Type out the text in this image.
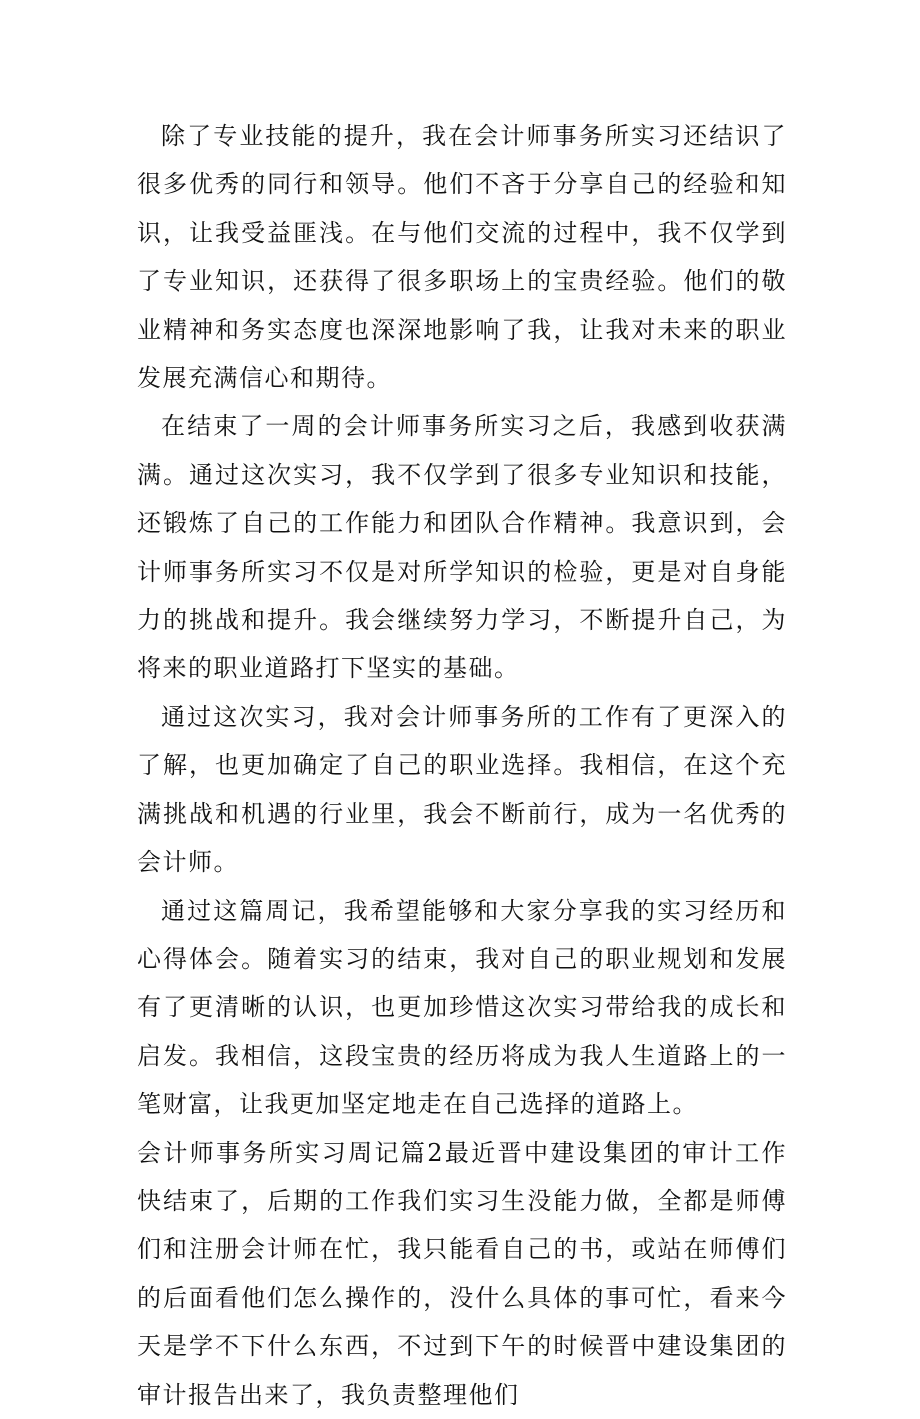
除了专业技能的提升，我在会计师事务所实习还结识了很多优秀的同行和领导。他们不吝于分享自己的经验和知识，让我受益匪浅。在与他们交流的过程中，我不仅学到了专业知识，还获得了很多职场上的宝贵经验。他们的敬业精神和务实态度也深深地影响了我，让我对未来的职业发展充满信心和期待。

在结束了一周的会计师事务所实习之后，我感到收获满满。通过这次实习，我不仅学到了很多专业知识和技能，还锻炼了自己的工作能力和团队合作精神。我意识到，会计师事务所实习不仅是对所学知识的检验，更是对自身能力的挑战和提升。我会继续努力学习，不断提升自己，为将来的职业道路打下坚实的基础。

通过这次实习，我对会计师事务所的工作有了更深入的了解，也更加确定了自己的职业选择。我相信，在这个充满挑战和机遇的行业里，我会不断前行，成为一名优秀的会计师。

通过这篇周记，我希望能够和大家分享我的实习经历和心得体会。随着实习的结束，我对自己的职业规划和发展有了更清晰的认识，也更加珍惜这次实习带给我的成长和启发。我相信，这段宝贵的经历将成为我人生道路上的一笔财富，让我更加坚定地走在自己选择的道路上。

会计师事务所实习周记篇2最近晋中建设集团的审计工作快结束了，后期的工作我们实习生没能力做，全都是师傅们和注册会计师在忙，我只能看自己的书，或站在师傅们的后面看他们怎么操作的，没什么具体的事可忙，看来今天是学不下什么东西，不过到下午的时候晋中建设集团的审计报告出来了，我负责整理他们
